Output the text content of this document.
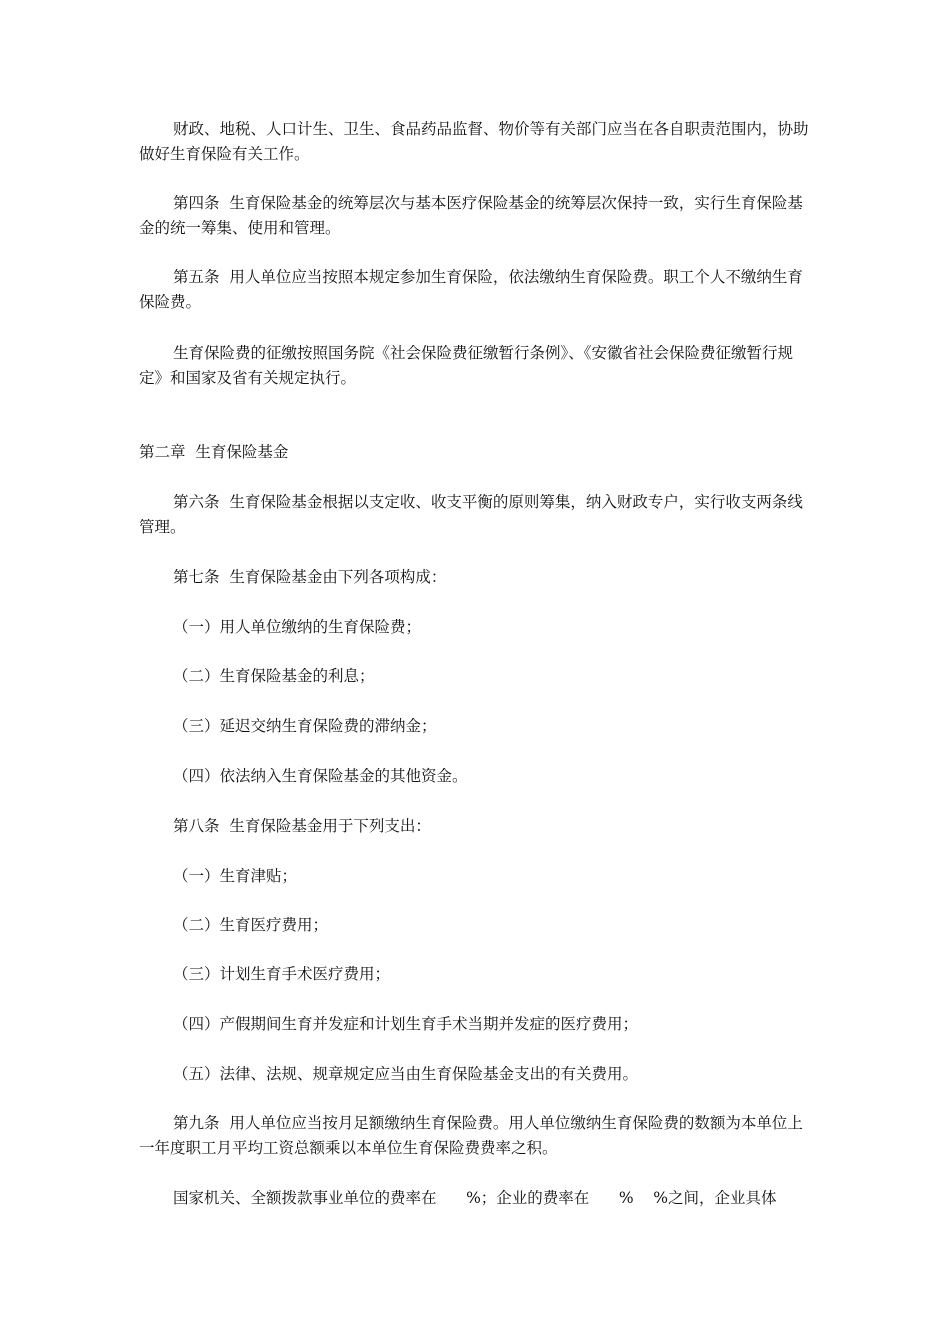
财政、地税、人口计生、卫生、食品药品监督、物价等有关部门应当在各自职责范围内，协助做好生育保险有关工作。

第四条  生育保险基金的统筹层次与基本医疗保险基金的统筹层次保持一致，实行生育保险基金的统一筹集、使用和管理。

第五条  用人单位应当按照本规定参加生育保险，依法缴纳生育保险费。职工个人不缴纳生育保险费。

生育保险费的征缴按照国务院《社会保险费征缴暂行条例》、《安徽省社会保险费征缴暂行规定》和国家及省有关规定执行。

第二章  生育保险基金

第六条  生育保险基金根据以支定收、收支平衡的原则筹集，纳入财政专户，实行收支两条线管理。

第七条  生育保险基金由下列各项构成：

（一）用人单位缴纳的生育保险费；

（二）生育保险基金的利息；

（三）延迟交纳生育保险费的滞纳金；

（四）依法纳入生育保险基金的其他资金。

第八条  生育保险基金用于下列支出：

（一）生育津贴；

（二）生育医疗费用；

（三）计划生育手术医疗费用；

（四）产假期间生育并发症和计划生育手术当期并发症的医疗费用；

（五）法律、法规、规章规定应当由生育保险基金支出的有关费用。

第九条  用人单位应当按月足额缴纳生育保险费。用人单位缴纳生育保险费的数额为本单位上一年度职工月平均工资总额乘以本单位生育保险费费率之积。

国家机关、全额拨款事业单位的费率在      %；企业的费率在      %    %之间，企业具体
